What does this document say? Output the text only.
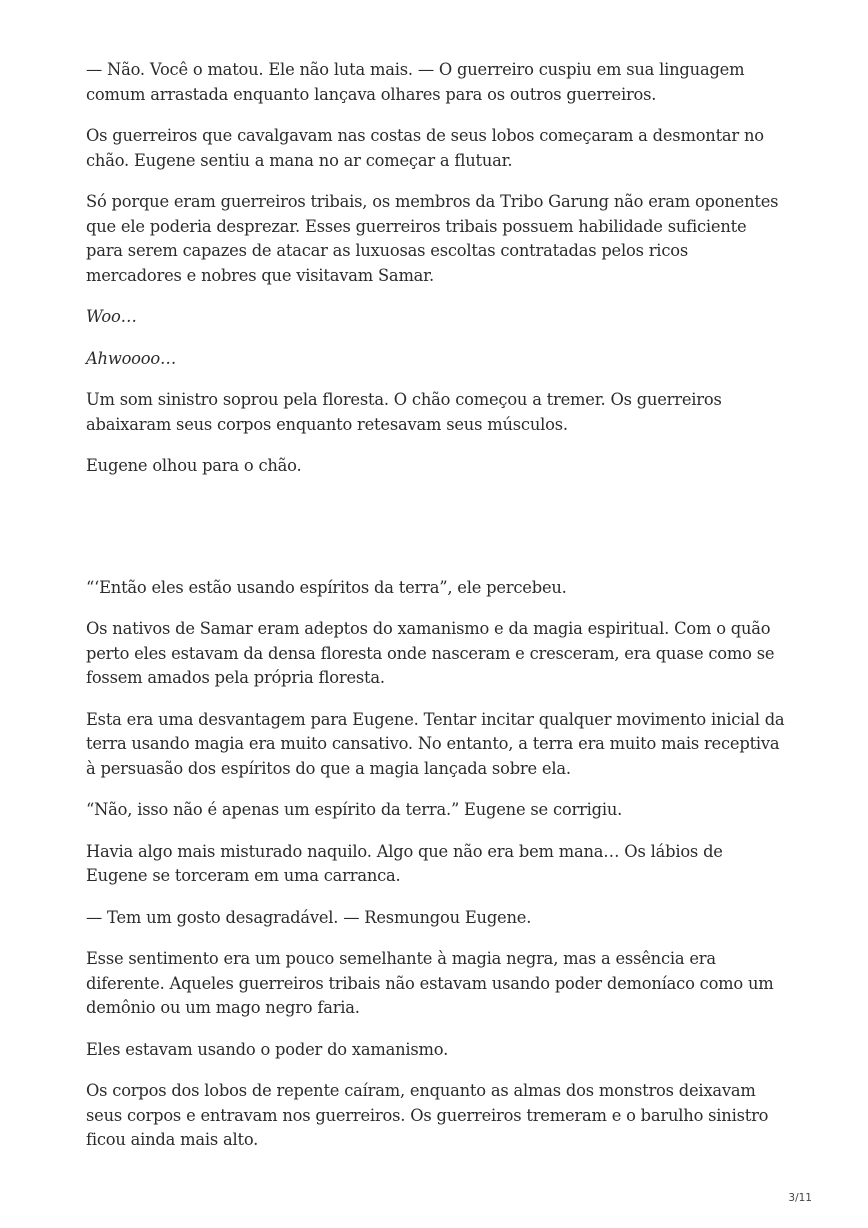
— Não. Você o matou. Ele não luta mais. — O guerreiro cuspiu em sua linguagem comum arrastada enquanto lançava olhares para os outros guerreiros.

Os guerreiros que cavalgavam nas costas de seus lobos começaram a desmontar no chão. Eugene sentiu a mana no ar começar a flutuar.

Só porque eram guerreiros tribais, os membros da Tribo Garung não eram oponentes que ele poderia desprezar. Esses guerreiros tribais possuem habilidade suficiente para serem capazes de atacar as luxuosas escoltas contratadas pelos ricos mercadores e nobres que visitavam Samar.

Woo…

Ahwoooo…

Um som sinistro soprou pela floresta. O chão começou a tremer. Os guerreiros abaixaram seus corpos enquanto retesavam seus músculos.

Eugene olhou para o chão.

“‘Então eles estão usando espíritos da terra”, ele percebeu.

Os nativos de Samar eram adeptos do xamanismo e da magia espiritual. Com o quão perto eles estavam da densa floresta onde nasceram e cresceram, era quase como se fossem amados pela própria floresta.

Esta era uma desvantagem para Eugene. Tentar incitar qualquer movimento inicial da terra usando magia era muito cansativo. No entanto, a terra era muito mais receptiva à persuasão dos espíritos do que a magia lançada sobre ela.

“Não, isso não é apenas um espírito da terra.” Eugene se corrigiu.

Havia algo mais misturado naquilo. Algo que não era bem mana… Os lábios de Eugene se torceram em uma carranca.

— Tem um gosto desagradável. — Resmungou Eugene.

Esse sentimento era um pouco semelhante à magia negra, mas a essência era diferente. Aqueles guerreiros tribais não estavam usando poder demoníaco como um demônio ou um mago negro faria.

Eles estavam usando o poder do xamanismo.

Os corpos dos lobos de repente caíram, enquanto as almas dos monstros deixavam seus corpos e entravam nos guerreiros. Os guerreiros tremeram e o barulho sinistro ficou ainda mais alto.

3/11
